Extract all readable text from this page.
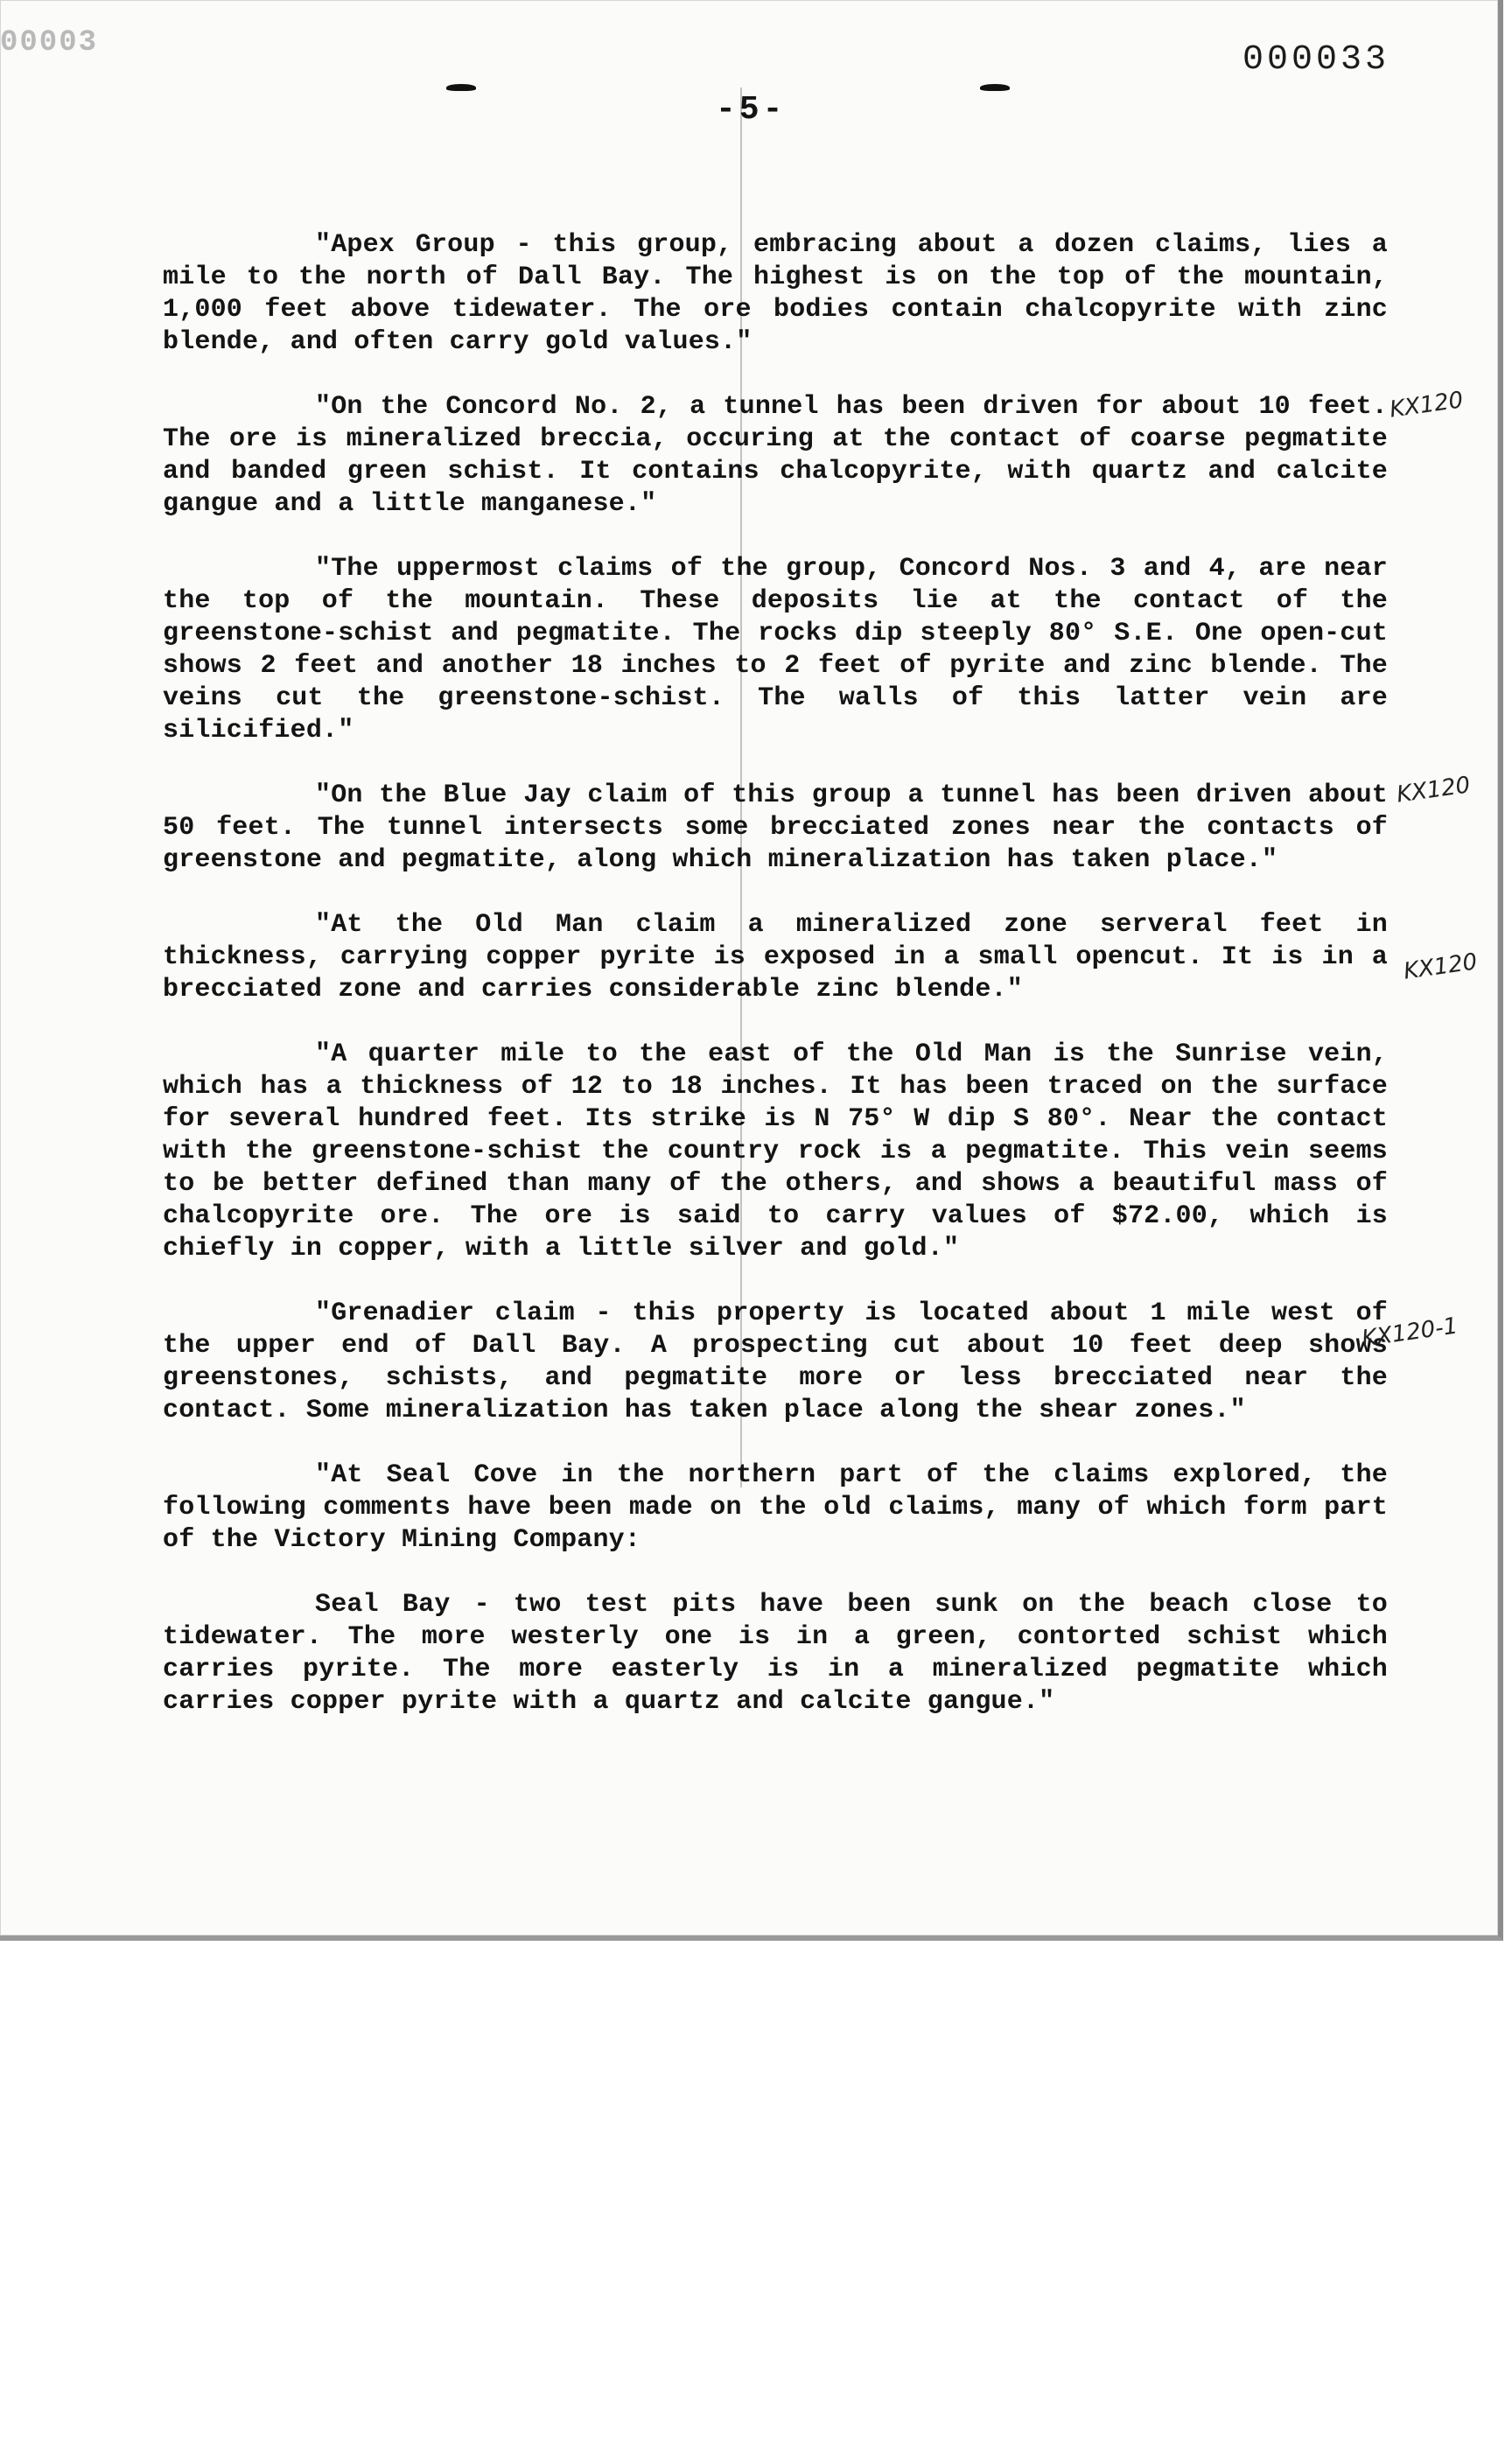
00003	000033
-5-

"Apex Group - this group, embracing about a dozen claims, lies a mile to the north of Dall Bay. The highest is on the top of the mountain, 1,000 feet above tidewater. The ore bodies contain chalcopyrite with zinc blende, and often carry gold values."

"On the Concord No. 2, a tunnel has been driven for about 10 feet. The ore is mineralized breccia, occuring at the contact of coarse pegmatite and banded green schist. It contains chalcopyrite, with quartz and calcite gangue and a little manganese."

"The uppermost claims of the group, Concord Nos. 3 and 4, are near the top of the mountain. These deposits lie at the contact of the greenstone-schist and pegmatite. The rocks dip steeply 80° S.E. One open-cut shows 2 feet and another 18 inches to 2 feet of pyrite and zinc blende. The veins cut the greenstone-schist. The walls of this latter vein are silicified."

"On the Blue Jay claim of this group a tunnel has been driven about 50 feet. The tunnel intersects some brecciated zones near the contacts of greenstone and pegmatite, along which mineralization has taken place."

"At the Old Man claim a mineralized zone serveral feet in thickness, carrying copper pyrite is exposed in a small opencut. It is in a brecciated zone and carries considerable zinc blende."

"A quarter mile to the east of the Old Man is the Sunrise vein, which has a thickness of 12 to 18 inches. It has been traced on the surface for several hundred feet. Its strike is N 75° W dip S 80°. Near the contact with the greenstone-schist the country rock is a pegmatite. This vein seems to be better defined than many of the others, and shows a beautiful mass of chalcopyrite ore. The ore is said to carry values of $72.00, which is chiefly in copper, with a little silver and gold."

"Grenadier claim - this property is located about 1 mile west of the upper end of Dall Bay. A prospecting cut about 10 feet deep shows greenstones, schists, and pegmatite more or less brecciated near the contact. Some mineralization has taken place along the shear zones."

"At Seal Cove in the northern part of the claims explored, the following comments have been made on the old claims, many of which form part of the Victory Mining Company:

Seal Bay - two test pits have been sunk on the beach close to tidewater. The more westerly one is in a green, contorted schist which carries pyrite. The more easterly is in a mineralized pegmatite which carries copper pyrite with a quartz and calcite gangue."

KX120
KX120
KX120
KX120-1
